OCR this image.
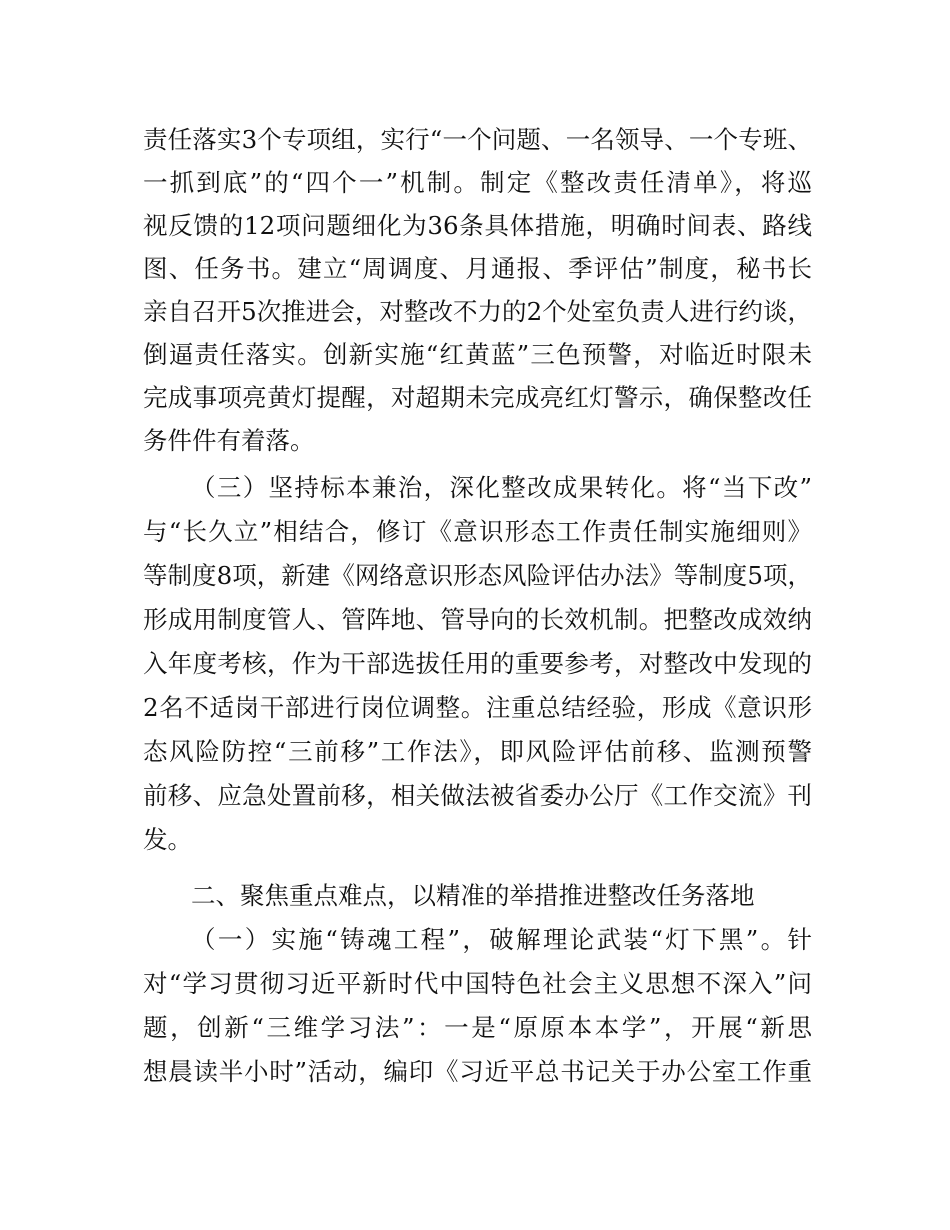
责任落实3个专项组，实行“一个问题、一名领导、一个专班、
一抓到底”的“四个一”机制。制定《整改责任清单》，将巡
视反馈的12项问题细化为36条具体措施，明确时间表、路线
图、任务书。建立“周调度、月通报、季评估”制度，秘书长
亲自召开5次推进会，对整改不力的2个处室负责人进行约谈，
倒逼责任落实。创新实施“红黄蓝”三色预警，对临近时限未
完成事项亮黄灯提醒，对超期未完成亮红灯警示，确保整改任
务件件有着落。
（三）坚持标本兼治，深化整改成果转化。将“当下改”
与“长久立”相结合，修订《意识形态工作责任制实施细则》
等制度8项，新建《网络意识形态风险评估办法》等制度5项，
形成用制度管人、管阵地、管导向的长效机制。把整改成效纳
入年度考核，作为干部选拔任用的重要参考，对整改中发现的
2名不适岗干部进行岗位调整。注重总结经验，形成《意识形
态风险防控“三前移”工作法》，即风险评估前移、监测预警
前移、应急处置前移，相关做法被省委办公厅《工作交流》刊
发。
二、聚焦重点难点，以精准的举措推进整改任务落地
（一）实施“铸魂工程”，破解理论武装“灯下黑”。针
对“学习贯彻习近平新时代中国特色社会主义思想不深入”问
题，创新“三维学习法”：一是“原原本本学”，开展“新思
想晨读半小时”活动，编印《习近平总书记关于办公室工作重
